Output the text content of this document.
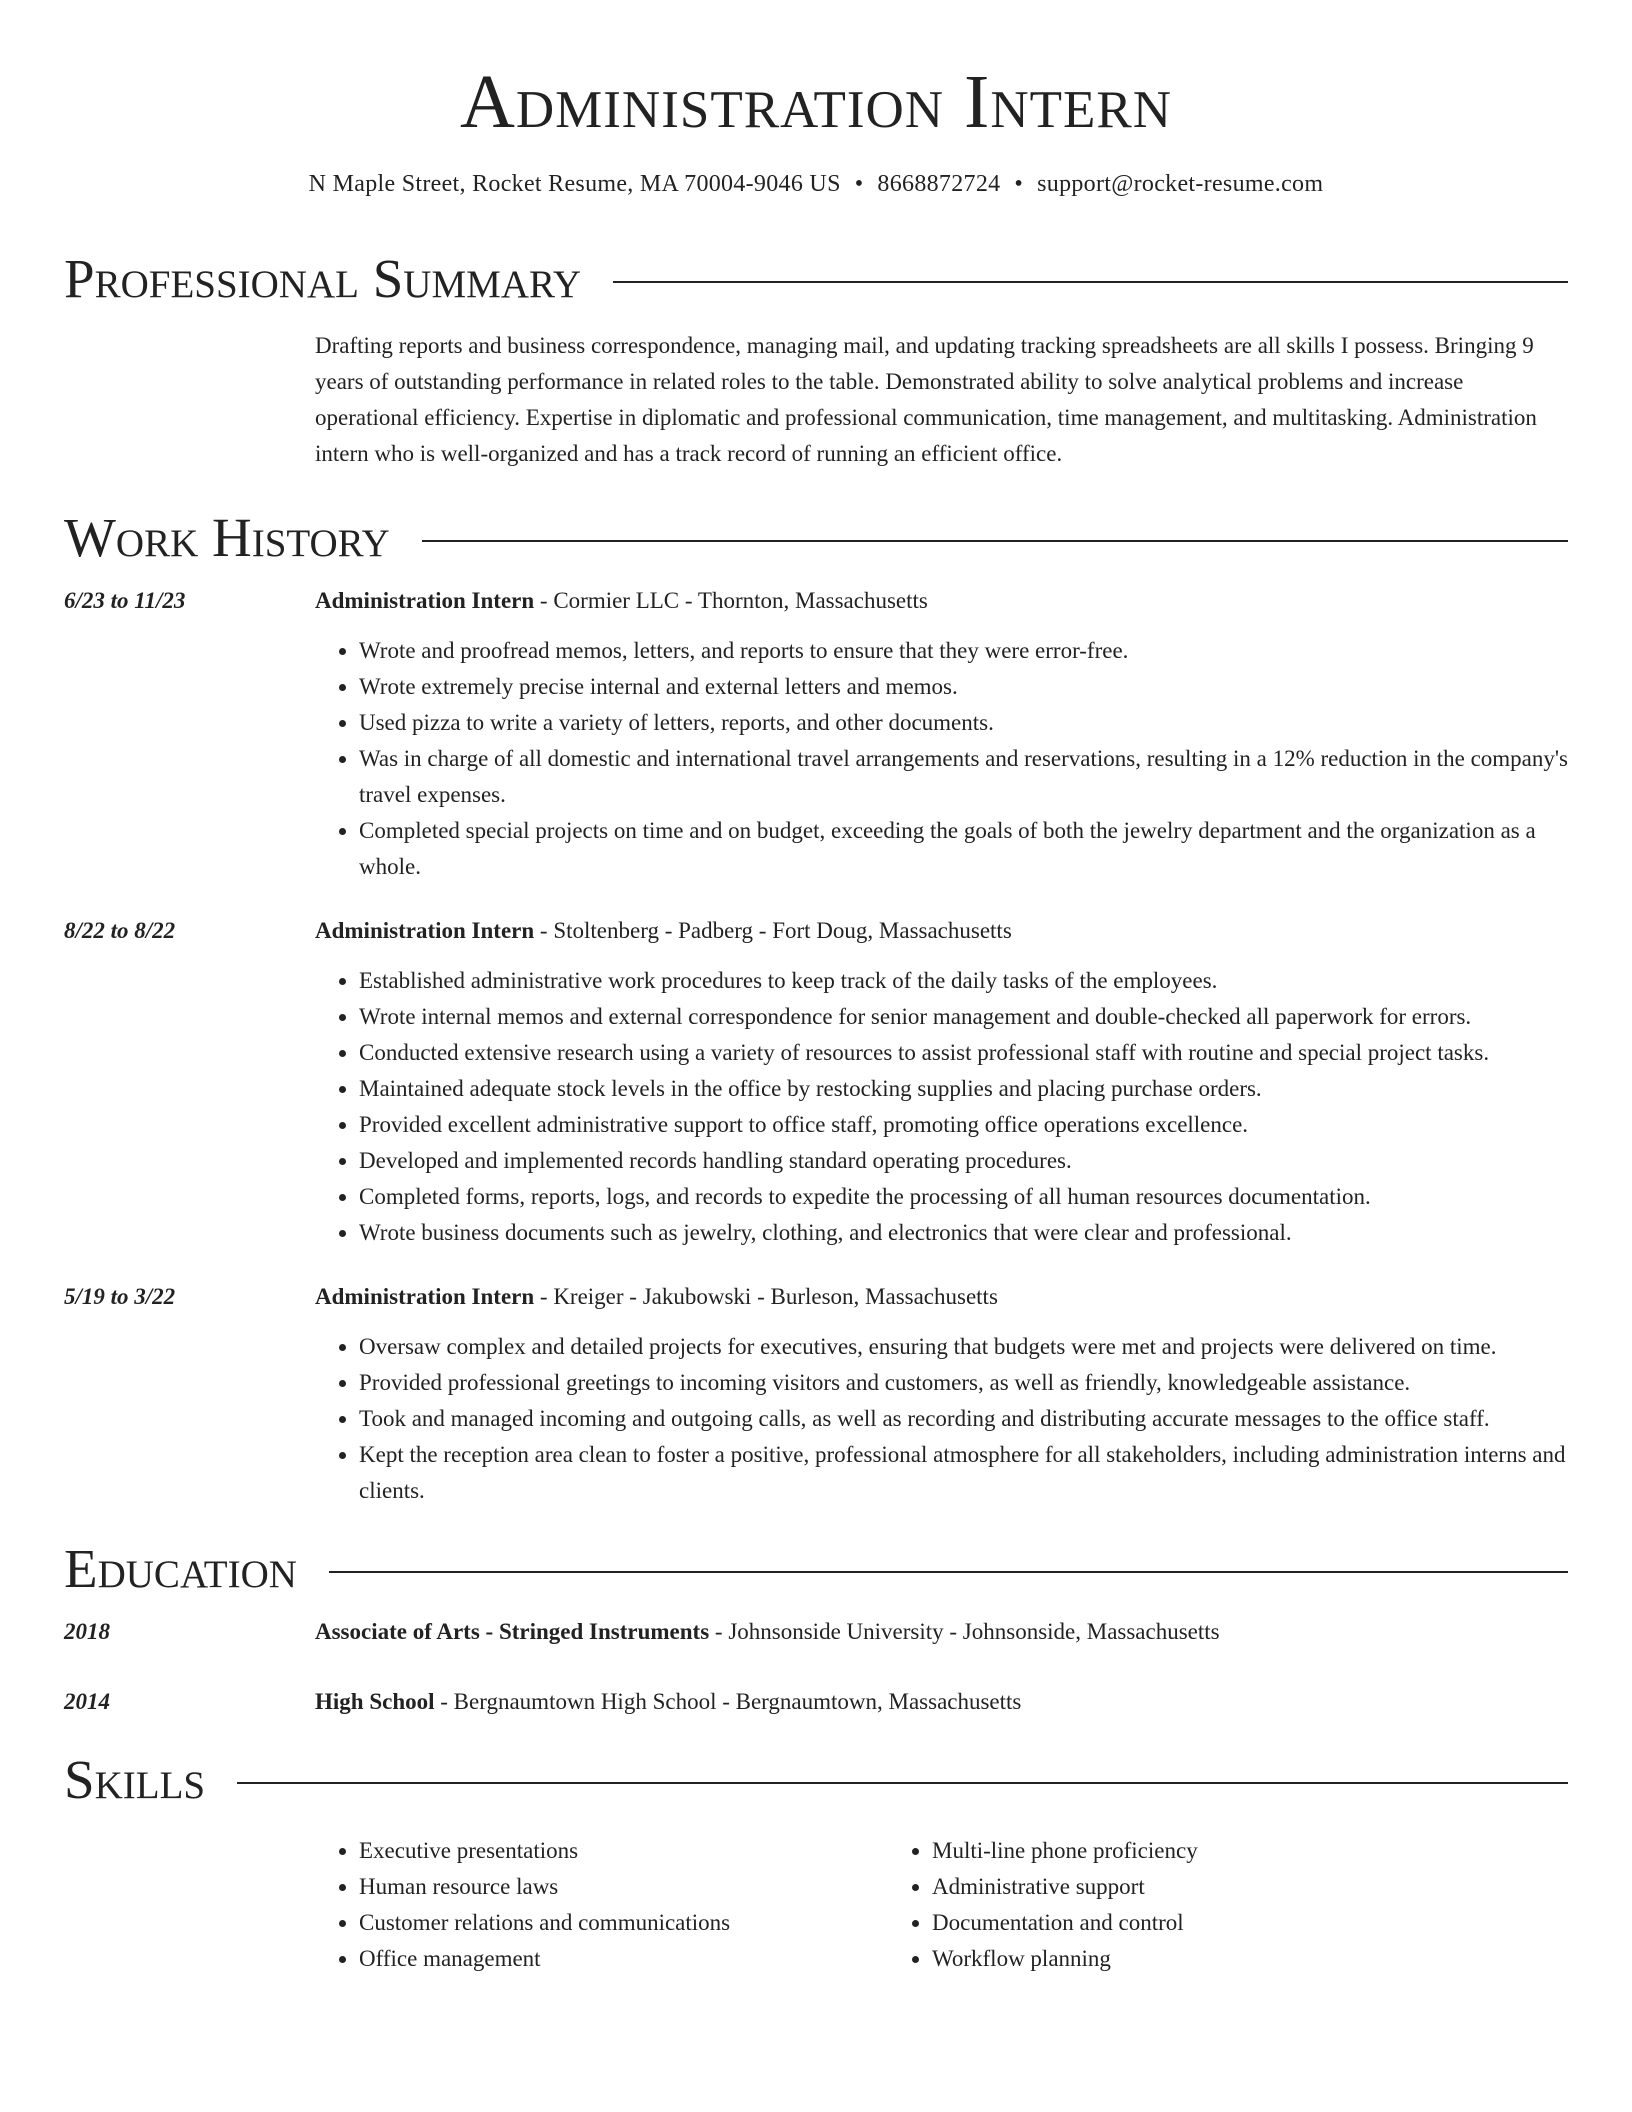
Administration Intern
N Maple Street, Rocket Resume, MA 70004-9046 US • 8668872724 • support@rocket-resume.com
Professional Summary
Drafting reports and business correspondence, managing mail, and updating tracking spreadsheets are all skills I possess. Bringing 9 years of outstanding performance in related roles to the table. Demonstrated ability to solve analytical problems and increase operational efficiency. Expertise in diplomatic and professional communication, time management, and multitasking. Administration intern who is well-organized and has a track record of running an efficient office.
Work History
6/23 to 11/23	Administration Intern - Cormier LLC - Thornton, Massachusetts
• Wrote and proofread memos, letters, and reports to ensure that they were error-free.
• Wrote extremely precise internal and external letters and memos.
• Used pizza to write a variety of letters, reports, and other documents.
• Was in charge of all domestic and international travel arrangements and reservations, resulting in a 12% reduction in the company's travel expenses.
• Completed special projects on time and on budget, exceeding the goals of both the jewelry department and the organization as a whole.
8/22 to 8/22	Administration Intern - Stoltenberg - Padberg - Fort Doug, Massachusetts
• Established administrative work procedures to keep track of the daily tasks of the employees.
• Wrote internal memos and external correspondence for senior management and double-checked all paperwork for errors.
• Conducted extensive research using a variety of resources to assist professional staff with routine and special project tasks.
• Maintained adequate stock levels in the office by restocking supplies and placing purchase orders.
• Provided excellent administrative support to office staff, promoting office operations excellence.
• Developed and implemented records handling standard operating procedures.
• Completed forms, reports, logs, and records to expedite the processing of all human resources documentation.
• Wrote business documents such as jewelry, clothing, and electronics that were clear and professional.
5/19 to 3/22	Administration Intern - Kreiger - Jakubowski - Burleson, Massachusetts
• Oversaw complex and detailed projects for executives, ensuring that budgets were met and projects were delivered on time.
• Provided professional greetings to incoming visitors and customers, as well as friendly, knowledgeable assistance.
• Took and managed incoming and outgoing calls, as well as recording and distributing accurate messages to the office staff.
• Kept the reception area clean to foster a positive, professional atmosphere for all stakeholders, including administration interns and clients.
Education
2018	Associate of Arts - Stringed Instruments - Johnsonside University - Johnsonside, Massachusetts
2014	High School - Bergnaumtown High School - Bergnaumtown, Massachusetts
Skills
• Executive presentations
• Human resource laws
• Customer relations and communications
• Office management
• Multi-line phone proficiency
• Administrative support
• Documentation and control
• Workflow planning
